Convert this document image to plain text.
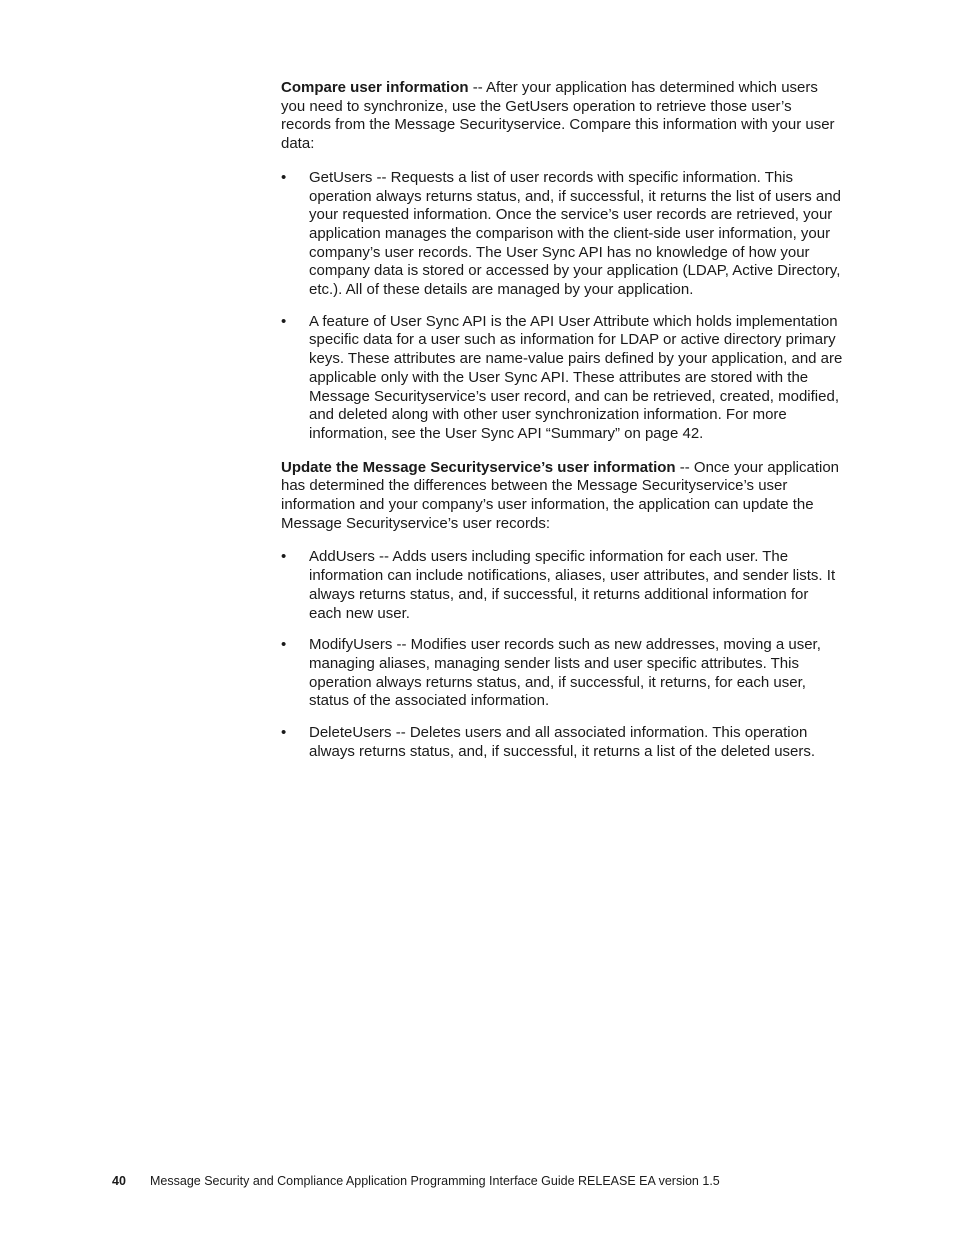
Compare user information -- After your application has determined which users you need to synchronize, use the GetUsers operation to retrieve those user’s records from the Message Securityservice. Compare this information with your user data:

• GetUsers -- Requests a list of user records with specific information. This operation always returns status, and, if successful, it returns the list of users and your requested information. Once the service’s user records are retrieved, your application manages the comparison with the client-side user information, your company’s user records. The User Sync API has no knowledge of how your company data is stored or accessed by your application (LDAP, Active Directory, etc.). All of these details are managed by your application.
• A feature of User Sync API is the API User Attribute which holds implementation specific data for a user such as information for LDAP or active directory primary keys. These attributes are name-value pairs defined by your application, and are applicable only with the User Sync API. These attributes are stored with the Message Securityservice’s user record, and can be retrieved, created, modified, and deleted along with other user synchronization information. For more information, see the User Sync API “Summary” on page 42.

Update the Message Securityservice’s user information -- Once your application has determined the differences between the Message Securityservice’s user information and your company’s user information, the application can update the Message Securityservice’s user records:

• AddUsers -- Adds users including specific information for each user. The information can include notifications, aliases, user attributes, and sender lists. It always returns status, and, if successful, it returns additional information for each new user.
• ModifyUsers -- Modifies user records such as new addresses, moving a user, managing aliases, managing sender lists and user specific attributes. This operation always returns status, and, if successful, it returns, for each user, status of the associated information.
• DeleteUsers -- Deletes users and all associated information. This operation always returns status, and, if successful, it returns a list of the deleted users.
40 Message Security and Compliance Application Programming Interface Guide RELEASE EA version 1.5
